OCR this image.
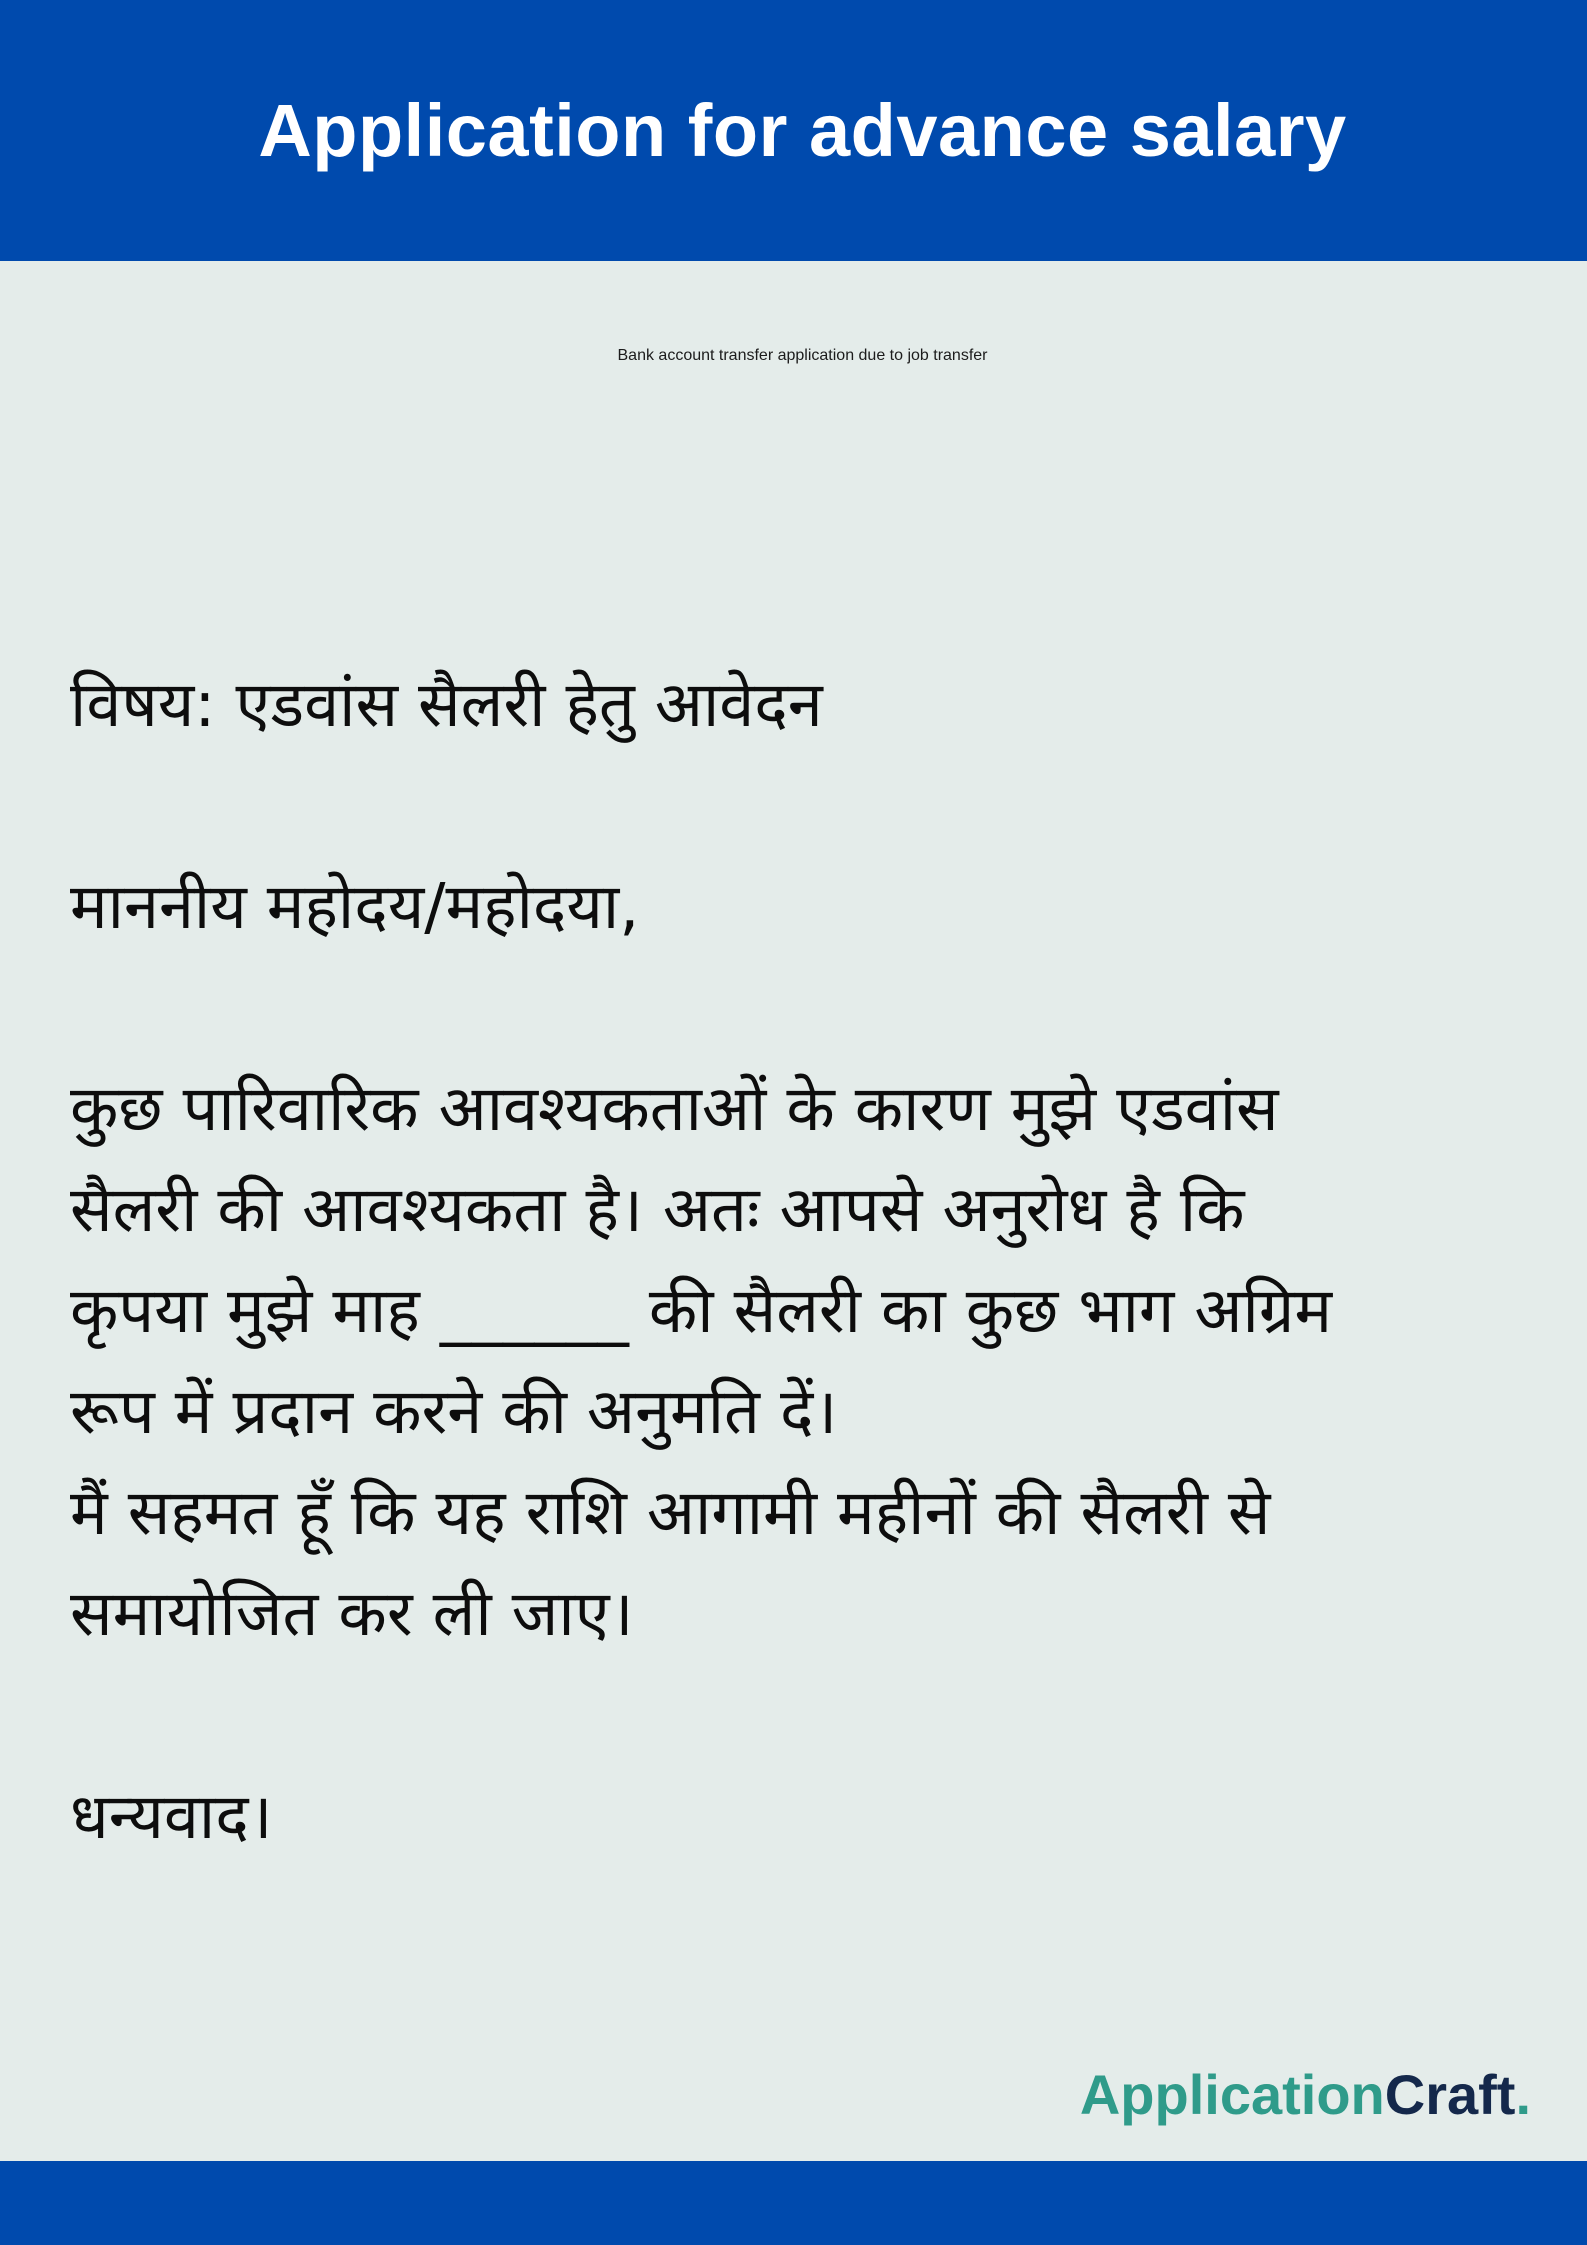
Application for advance salary
Bank account transfer application due to job transfer
विषय: एडवांस सैलरी हेतु आवेदन
माननीय महोदय/महोदया,
कुछ पारिवारिक आवश्यकताओं के कारण मुझे एडवांस
सैलरी की आवश्यकता है। अतः आपसे अनुरोध है कि
कृपया मुझे माह ______ की सैलरी का कुछ भाग अग्रिम
रूप में प्रदान करने की अनुमति दें।
मैं सहमत हूँ कि यह राशि आगामी महीनों की सैलरी से
समायोजित कर ली जाए।
धन्यवाद।
ApplicationCraft.
